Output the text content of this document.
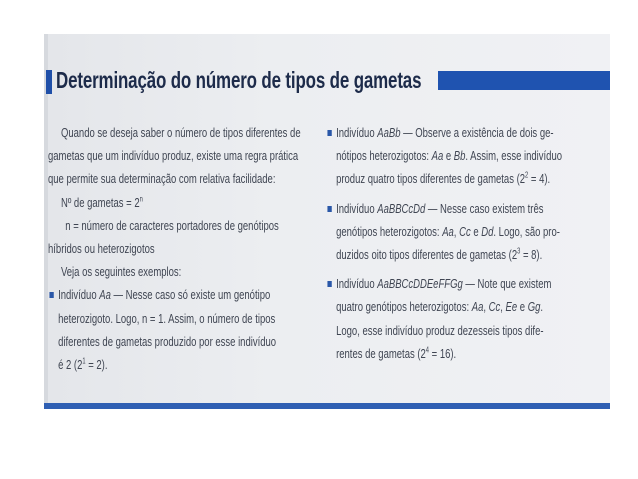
Determinação do número de tipos de gametas
Quando se deseja saber o número de tipos diferentes de
gametas que um indivíduo produz, existe uma regra prática
que permite sua determinação com relativa facilidade:
Nº de gametas = $2^n$
n = número de caracteres portadores de genótipos
híbridos ou heterozigotos
Veja os seguintes exemplos:
Indivíduo Aa — Nesse caso só existe um genótipo
heterozigoto. Logo, n = 1. Assim, o número de tipos
diferentes de gametas produzido por esse indivíduo
é 2 $(2^1 = 2)$.
Indivíduo AaBb — Observe a existência de dois ge-
nótipos heterozigotos: Aa e Bb. Assim, esse indivíduo
produz quatro tipos diferentes de gametas $(2^2 = 4)$.
Indivíduo AaBBCcDd — Nesse caso existem três
genótipos heterozigotos: Aa, Cc e Dd. Logo, são pro-
duzidos oito tipos diferentes de gametas $(2^3 = 8)$.
Indivíduo AaBBCcDDEeFFGg — Note que existem
quatro genótipos heterozigotos: Aa, Cc, Ee e Gg.
Logo, esse indivíduo produz dezesseis tipos dife-
rentes de gametas $(2^4 = 16)$.
